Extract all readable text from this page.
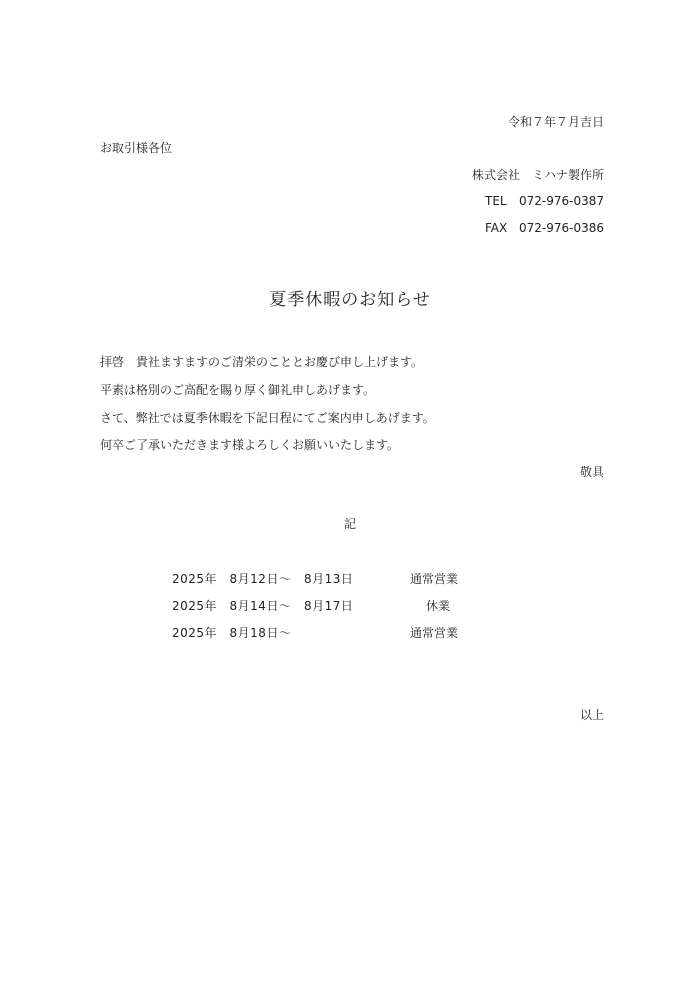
令和７年７月吉日
お取引様各位
株式会社　ミハナ製作所
TEL 072-976-0387
FAX 072-976-0386
夏季休暇のお知らせ
拝啓　貴社ますますのご清栄のこととお慶び申し上げます。
平素は格別のご高配を賜り厚く御礼申しあげます。
さて、弊社では夏季休暇を下記日程にてご案内申しあげます。
何卒ご了承いただきます様よろしくお願いいたします。
敬具
記
2025年　8月12日～　8月13日	通常営業
2025年　8月14日～　8月17日	休業
2025年　8月18日～	通常営業
以上
